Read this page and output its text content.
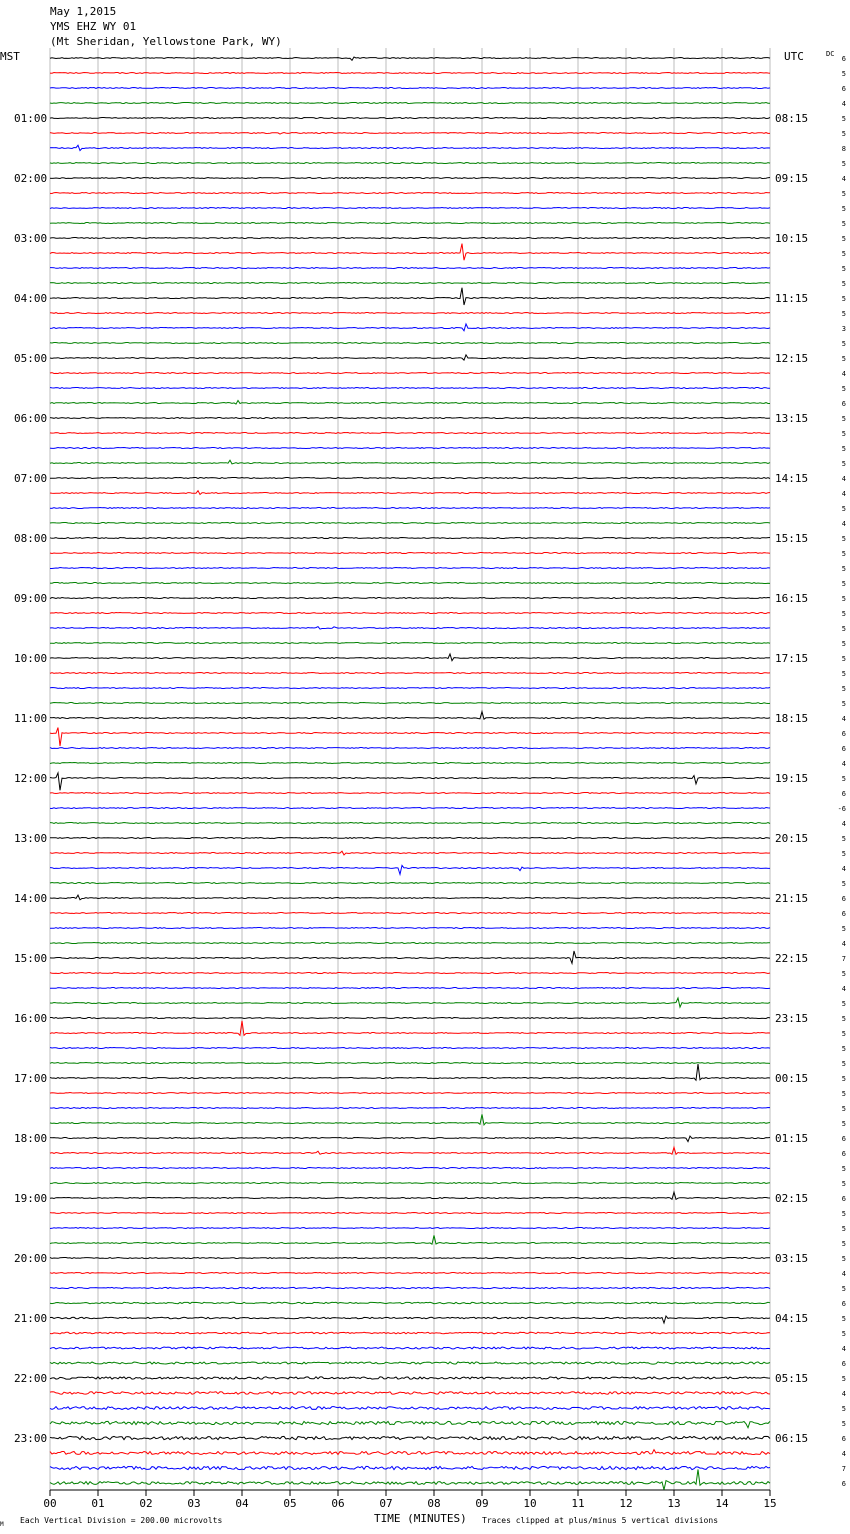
May 1,2015
YMS EHZ WY 01
(Mt Sheridan, Yellowstone Park, WY)
00	01	02	03	04	05	06	07	08	09	10	11	12	13	14	15
01:00
02:00
03:00
04:00
05:00
06:00
07:00
08:00
09:00
10:00
11:00
12:00
13:00
14:00
15:00
16:00
17:00
18:00
19:00
20:00
21:00
22:00
23:00
08:15
09:15
10:15
11:15
12:15
13:15
14:15
15:15
16:15
17:15
18:15
19:15
20:15
21:15
22:15
23:15
00:15
01:15
02:15
03:15
04:15
05:15
06:15
6
5
6
4
5
5
8
5
4
5
5
5
5
5
5
5
5
5
3
5
5
4
5
6
5
5
5
5
4
4
5
4
5
5
5
5
5
5
5
5
5
5
5
5
4
6
6
4
5
6
-6
4
5
5
4
5
6
6
5
4
7
5
4
5
5
5
5
5
5
5
5
5
6
6
5
5
6
5
5
5
5
4
5
6
5
5
4
6
5
4
5
5
6
4
7
6
MST	UTC	DC
TIME (MINUTES)
Each Vertical Division = 200.00 microvolts	Traces clipped at plus/minus 5 vertical divisions
M
